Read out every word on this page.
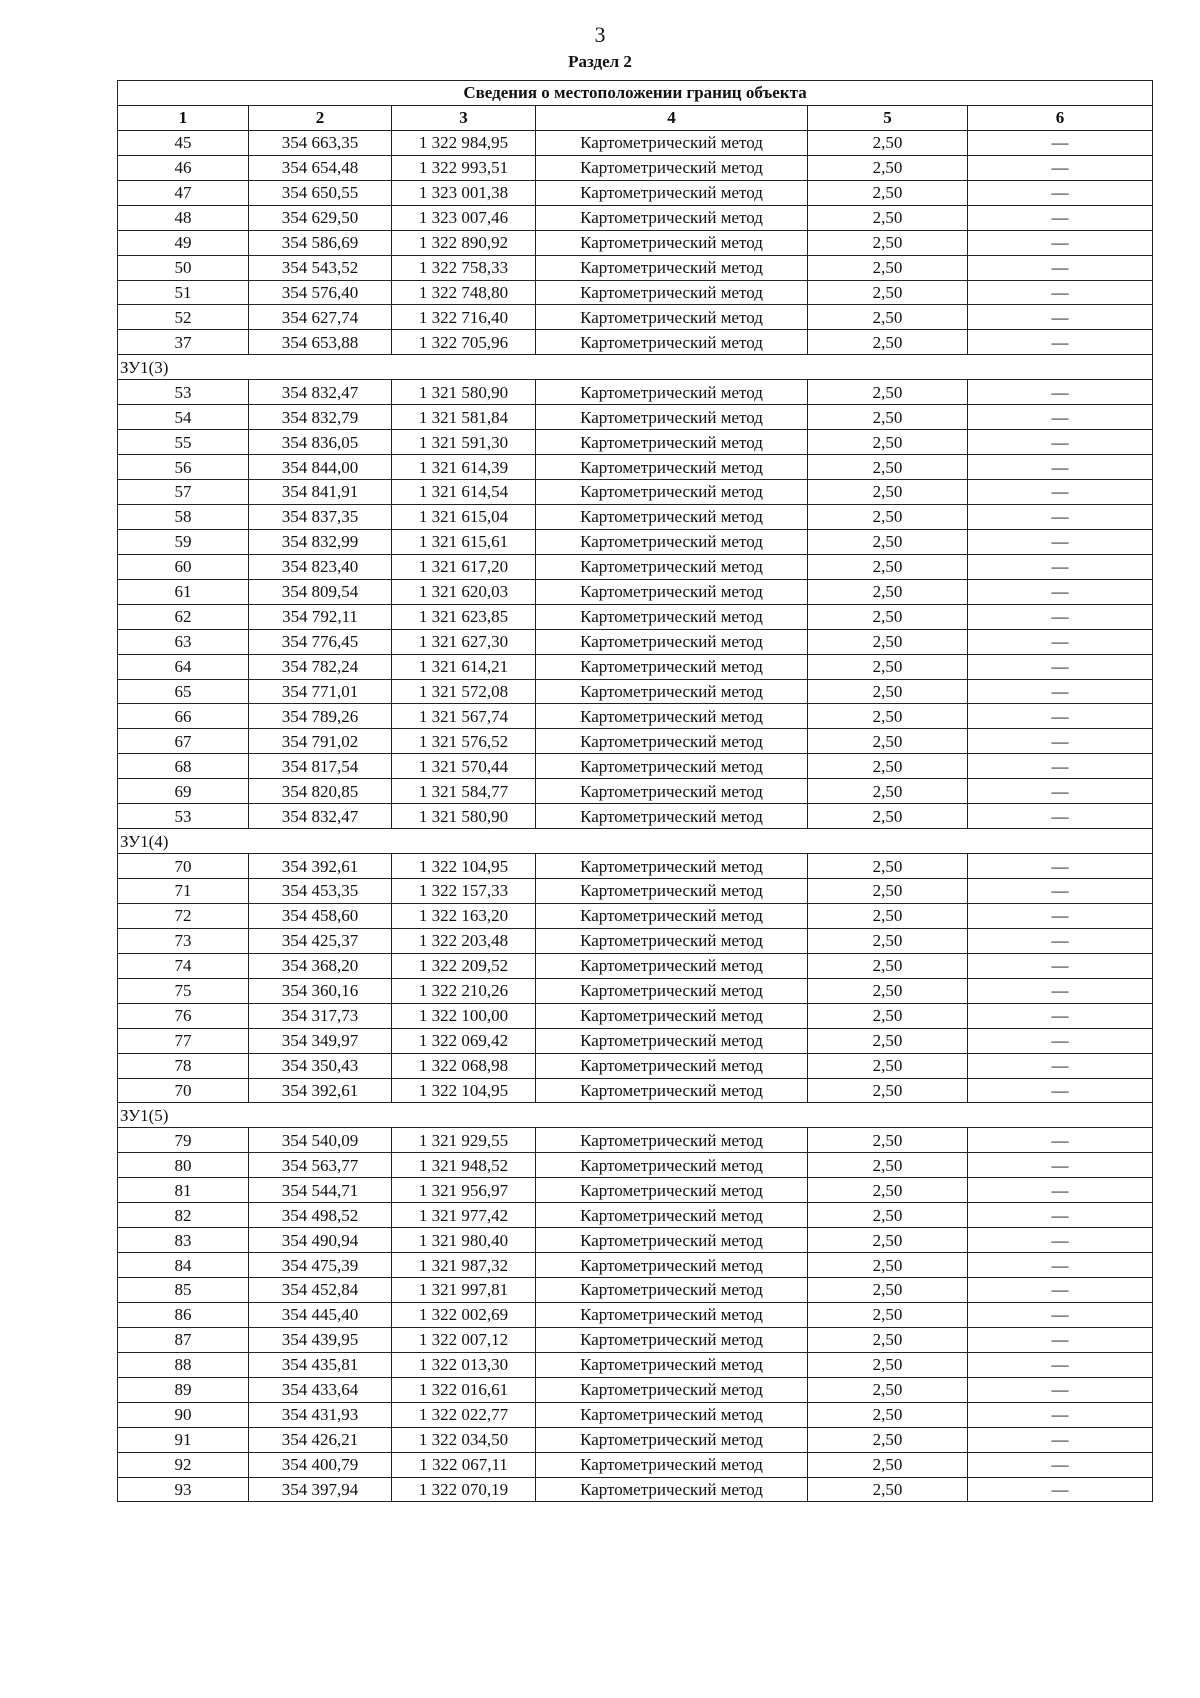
3
Раздел 2
Сведения о местоположении границ объекта					
1	2	3	4	5	6
45	354 663,35	1 322 984,95	Картометрический метод	2,50	—
46	354 654,48	1 322 993,51	Картометрический метод	2,50	—
47	354 650,55	1 323 001,38	Картометрический метод	2,50	—
48	354 629,50	1 323 007,46	Картометрический метод	2,50	—
49	354 586,69	1 322 890,92	Картометрический метод	2,50	—
50	354 543,52	1 322 758,33	Картометрический метод	2,50	—
51	354 576,40	1 322 748,80	Картометрический метод	2,50	—
52	354 627,74	1 322 716,40	Картометрический метод	2,50	—
37	354 653,88	1 322 705,96	Картометрический метод	2,50	—
ЗУ1(3)					
53	354 832,47	1 321 580,90	Картометрический метод	2,50	—
54	354 832,79	1 321 581,84	Картометрический метод	2,50	—
55	354 836,05	1 321 591,30	Картометрический метод	2,50	—
56	354 844,00	1 321 614,39	Картометрический метод	2,50	—
57	354 841,91	1 321 614,54	Картометрический метод	2,50	—
58	354 837,35	1 321 615,04	Картометрический метод	2,50	—
59	354 832,99	1 321 615,61	Картометрический метод	2,50	—
60	354 823,40	1 321 617,20	Картометрический метод	2,50	—
61	354 809,54	1 321 620,03	Картометрический метод	2,50	—
62	354 792,11	1 321 623,85	Картометрический метод	2,50	—
63	354 776,45	1 321 627,30	Картометрический метод	2,50	—
64	354 782,24	1 321 614,21	Картометрический метод	2,50	—
65	354 771,01	1 321 572,08	Картометрический метод	2,50	—
66	354 789,26	1 321 567,74	Картометрический метод	2,50	—
67	354 791,02	1 321 576,52	Картометрический метод	2,50	—
68	354 817,54	1 321 570,44	Картометрический метод	2,50	—
69	354 820,85	1 321 584,77	Картометрический метод	2,50	—
53	354 832,47	1 321 580,90	Картометрический метод	2,50	—
ЗУ1(4)					
70	354 392,61	1 322 104,95	Картометрический метод	2,50	—
71	354 453,35	1 322 157,33	Картометрический метод	2,50	—
72	354 458,60	1 322 163,20	Картометрический метод	2,50	—
73	354 425,37	1 322 203,48	Картометрический метод	2,50	—
74	354 368,20	1 322 209,52	Картометрический метод	2,50	—
75	354 360,16	1 322 210,26	Картометрический метод	2,50	—
76	354 317,73	1 322 100,00	Картометрический метод	2,50	—
77	354 349,97	1 322 069,42	Картометрический метод	2,50	—
78	354 350,43	1 322 068,98	Картометрический метод	2,50	—
70	354 392,61	1 322 104,95	Картометрический метод	2,50	—
ЗУ1(5)					
79	354 540,09	1 321 929,55	Картометрический метод	2,50	—
80	354 563,77	1 321 948,52	Картометрический метод	2,50	—
81	354 544,71	1 321 956,97	Картометрический метод	2,50	—
82	354 498,52	1 321 977,42	Картометрический метод	2,50	—
83	354 490,94	1 321 980,40	Картометрический метод	2,50	—
84	354 475,39	1 321 987,32	Картометрический метод	2,50	—
85	354 452,84	1 321 997,81	Картометрический метод	2,50	—
86	354 445,40	1 322 002,69	Картометрический метод	2,50	—
87	354 439,95	1 322 007,12	Картометрический метод	2,50	—
88	354 435,81	1 322 013,30	Картометрический метод	2,50	—
89	354 433,64	1 322 016,61	Картометрический метод	2,50	—
90	354 431,93	1 322 022,77	Картометрический метод	2,50	—
91	354 426,21	1 322 034,50	Картометрический метод	2,50	—
92	354 400,79	1 322 067,11	Картометрический метод	2,50	—
93	354 397,94	1 322 070,19	Картометрический метод	2,50	—
